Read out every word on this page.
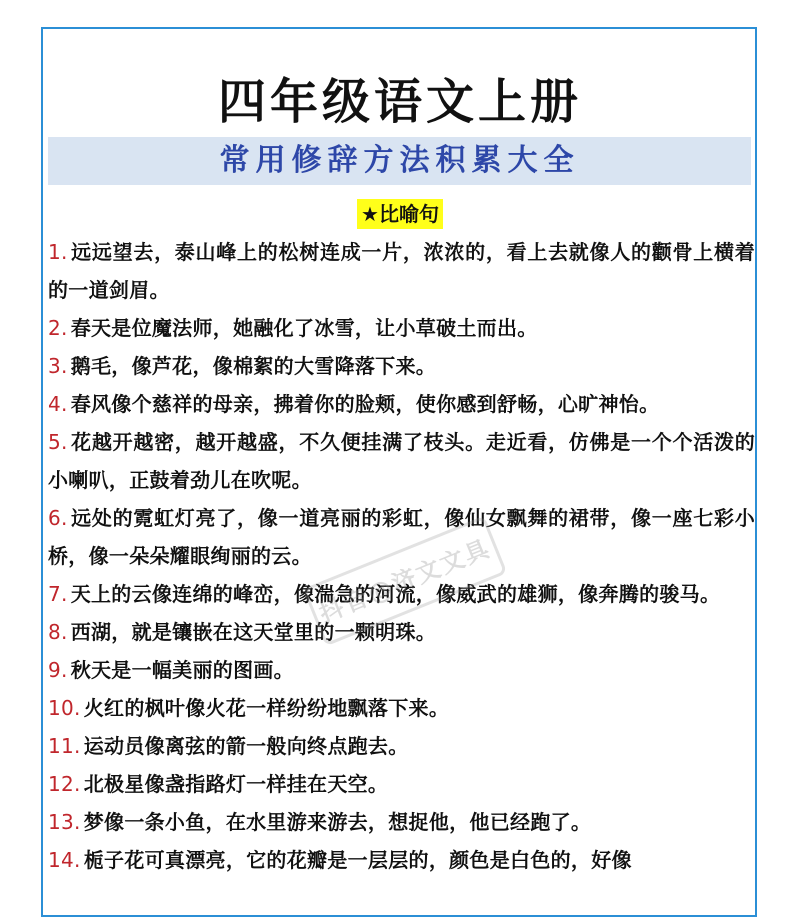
四年级语文上册
常用修辞方法积累大全
★比喻句
1. 远远望去，泰山峰上的松树连成一片，浓浓的，看上去就像人的颧骨上横着的一道剑眉。
2. 春天是位魔法师，她融化了冰雪，让小草破土而出。
3. 鹅毛，像芦花，像棉絮的大雪降落下来。
4. 春风像个慈祥的母亲，拂着你的脸颊，使你感到舒畅，心旷神怡。
5. 花越开越密，越开越盛，不久便挂满了枝头。走近看，仿佛是一个个活泼的小喇叭，正鼓着劲儿在吹呢。
6. 远处的霓虹灯亮了，像一道亮丽的彩虹，像仙女飘舞的裙带，像一座七彩小桥，像一朵朵耀眼绚丽的云。
7. 天上的云像连绵的峰峦，像湍急的河流，像威武的雄狮，像奔腾的骏马。
8. 西湖，就是镶嵌在这天堂里的一颗明珠。
9. 秋天是一幅美丽的图画。
10. 火红的枫叶像火花一样纷纷地飘落下来。
11. 运动员像离弦的箭一般向终点跑去。
12. 北极星像盏指路灯一样挂在天空。
13. 梦像一条小鱼，在水里游来游去，想捉他，他已经跑了。
14. 栀子花可真漂亮，它的花瓣是一层层的，颜色是白色的，好像
抖音@济文文具
